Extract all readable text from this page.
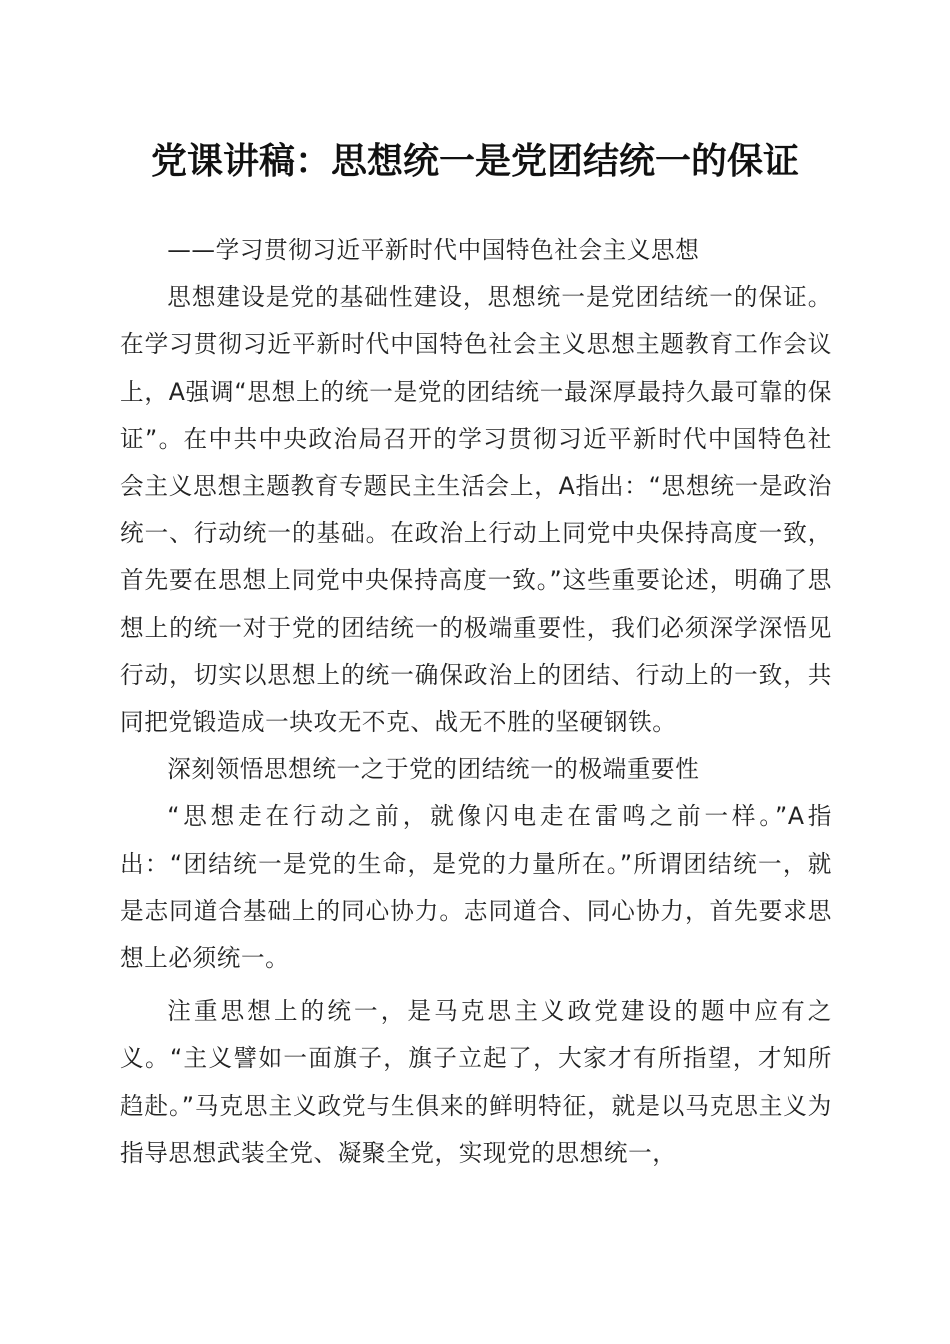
党课讲稿：思想统一是党团结统一的保证

——学习贯彻习近平新时代中国特色社会主义思想

思想建设是党的基础性建设，思想统一是党团结统一的保证。在学习贯彻习近平新时代中国特色社会主义思想主题教育工作会议上，A强调“思想上的统一是党的团结统一最深厚最持久最可靠的保证”。在中共中央政治局召开的学习贯彻习近平新时代中国特色社会主义思想主题教育专题民主生活会上，A指出：“思想统一是政治统一、行动统一的基础。在政治上行动上同党中央保持高度一致，首先要在思想上同党中央保持高度一致。”这些重要论述，明确了思想上的统一对于党的团结统一的极端重要性，我们必须深学深悟见行动，切实以思想上的统一确保政治上的团结、行动上的一致，共同把党锻造成一块攻无不克、战无不胜的坚硬钢铁。

深刻领悟思想统一之于党的团结统一的极端重要性

“思想走在行动之前，就像闪电走在雷鸣之前一样。”A指出：“团结统一是党的生命，是党的力量所在。”所谓团结统一，就是志同道合基础上的同心协力。志同道合、同心协力，首先要求思想上必须统一。

注重思想上的统一，是马克思主义政党建设的题中应有之义。“主义譬如一面旗子，旗子立起了，大家才有所指望，才知所趋赴。”马克思主义政党与生俱来的鲜明特征，就是以马克思主义为指导思想武装全党、凝聚全党，实现党的思想统一，
